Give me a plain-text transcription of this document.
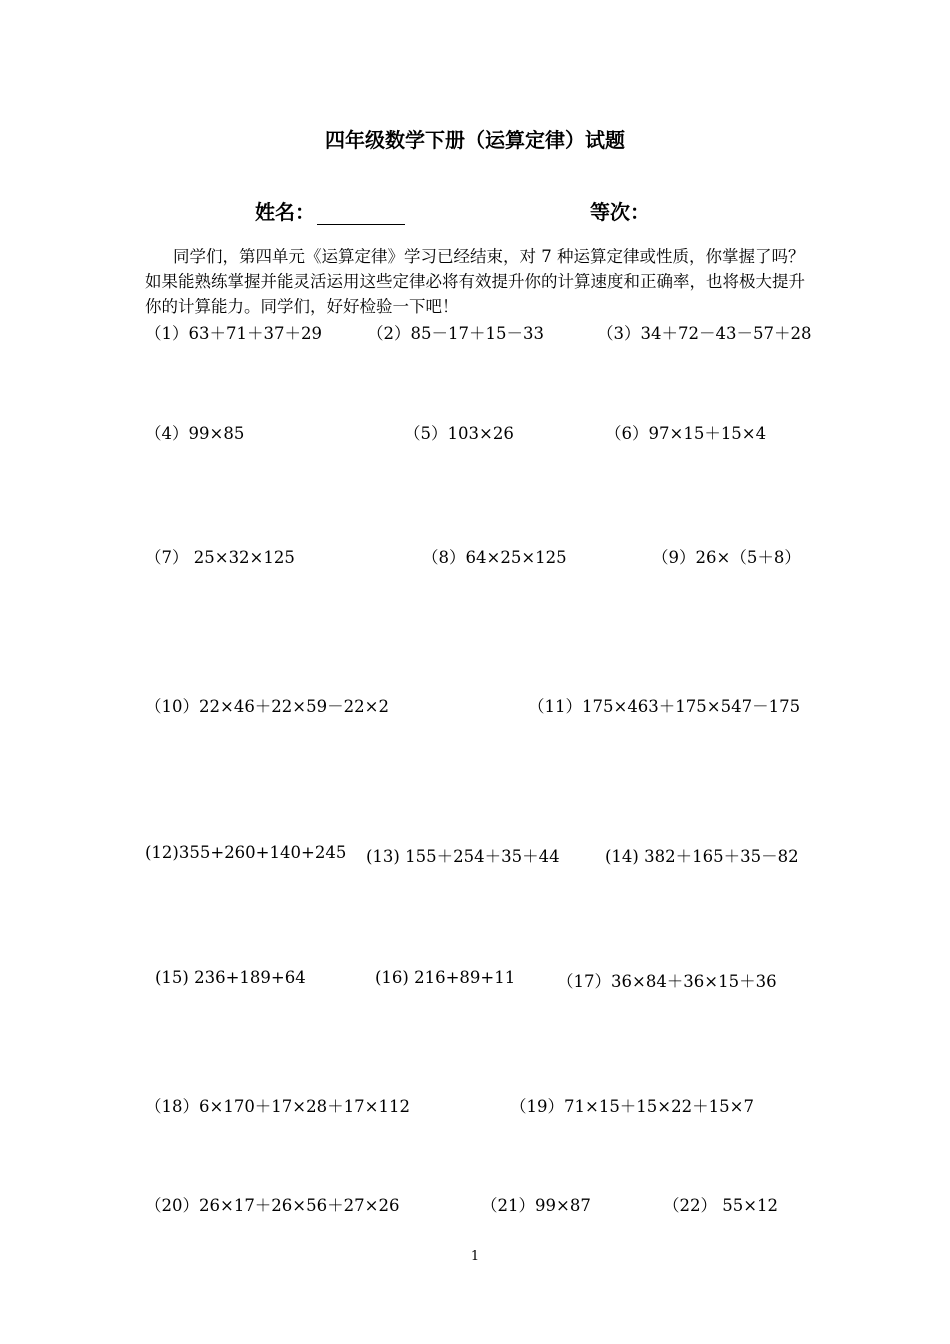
四年级数学下册（运算定律）试题
姓名：	等次：

同学们，第四单元《运算定律》学习已经结束，对 7 种运算定律或性质，你掌握了吗？如果能熟练掌握并能灵活运用这些定律必将有效提升你的计算速度和正确率，也将极大提升你的计算能力。同学们，好好检验一下吧！

（1）63＋71＋37＋29	（2）85－17＋15－33	（3）34＋72－43－57＋28
（4）99×85	（5）103×26	（6）97×15＋15×4
（7） 25×32×125	（8）64×25×125	（9）26×（5＋8）
（10）22×46＋22×59－22×2	（11）175×463＋175×547－175
(12)355+260+140+245 (13) 155＋254＋35＋44	(14) 382＋165＋35－82
(15) 236+189+64	(16) 216+89+11	（17）36×84＋36×15＋36
（18）6×170＋17×28＋17×112	（19）71×15＋15×22＋15×7
（20）26×17＋26×56＋27×26	（21）99×87	（22） 55×12
1
